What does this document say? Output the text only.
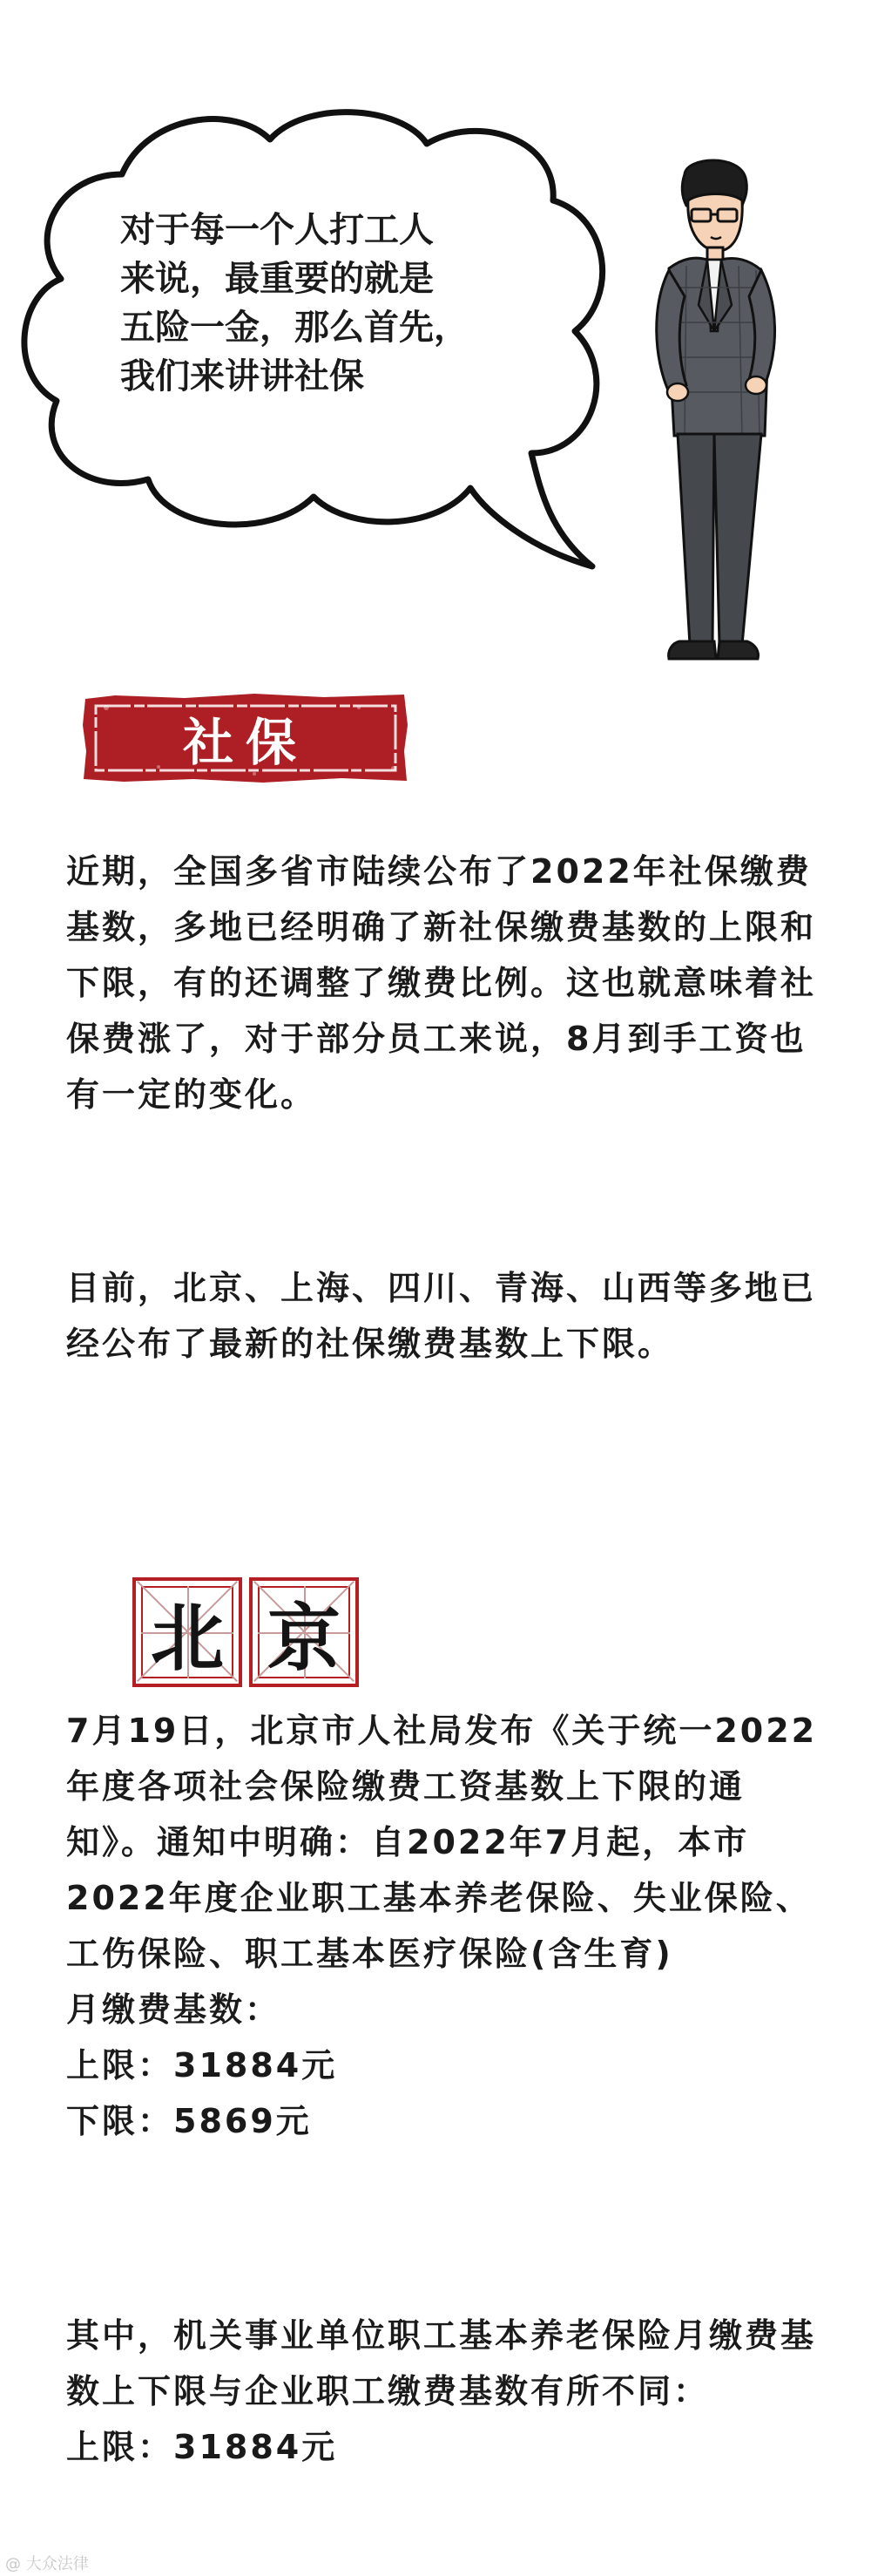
对于每一个人打工人
来说，最重要的就是
五险一金，那么首先，
我们来讲讲社保
社保
近期，全国多省市陆续公布了2022年社保缴费基数，多地已经明确了新社保缴费基数的上限和下限，有的还调整了缴费比例。这也就意味着社保费涨了，对于部分员工来说，8月到手工资也有一定的变化。
目前，北京、上海、四川、青海、山西等多地已经公布了最新的社保缴费基数上下限。
北 京
7月19日，北京市人社局发布《关于统一2022年度各项社会保险缴费工资基数上下限的通知》。通知中明确：自2022年7月起，本市2022年度企业职工基本养老保险、失业保险、工伤保险、职工基本医疗保险(含生育)
月缴费基数：
上限：31884元
下限：5869元
其中，机关事业单位职工基本养老保险月缴费基数上下限与企业职工缴费基数有所不同：
上限：31884元
@ 大众法律
